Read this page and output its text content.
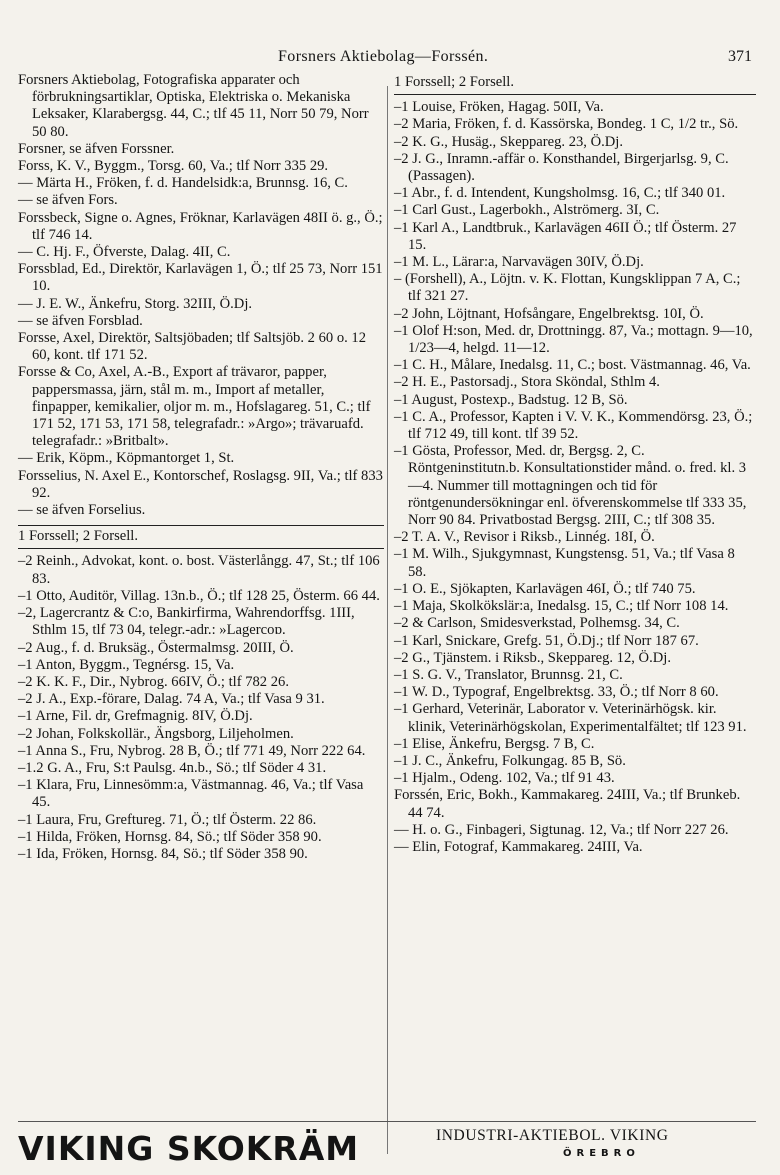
Forsners Aktiebolag—Forssén.	371
Forsners Aktiebolag, Fotografiska apparater och förbrukningsartiklar, Optiska, Elektriska o. Mekaniska Leksaker, Klarabergsg. 44, C.; tlf 45 11, Norr 50 79, Norr 50 80.
Forsner, se äfven Forssner.
Forss, K. V., Byggm., Torsg. 60, Va.; tlf Norr 335 29.
— Märta H., Fröken, f. d. Handelsidk:a, Brunnsg. 16, C.
— se äfven Fors.
Forssbeck, Signe o. Agnes, Fröknar, Karlavägen 48II ö. g., Ö.; tlf 746 14.
— C. Hj. F., Öfverste, Dalag. 4II, C.
Forssblad, Ed., Direktör, Karlavägen 1, Ö.; tlf 25 73, Norr 151 10.
— J. E. W., Änkefru, Storg. 32III, Ö.Dj.
— se äfven Forsblad.
Forsse, Axel, Direktör, Saltsjöbaden; tlf Saltsjöb. 2 60 o. 12 60, kont. tlf 171 52.
Forsse & Co, Axel, A.-B., Export af trävaror, papper, pappersmassa, järn, stål m. m., Import af metaller, finpapper, kemikalier, oljor m. m., Hofslagareg. 51, C.; tlf 171 52, 171 53, 171 58, telegrafadr.: »Argo»; trävaruafd. telegrafadr.: »Britbalt».
— Erik, Köpm., Köpmantorget 1, St.
Forsselius, N. Axel E., Kontorschef, Roslagsg. 9II, Va.; tlf 833 92.
— se äfven Forselius.
1 Forssell; 2 Forsell.
–2 Reinh., Advokat, kont. o. bost. Västerlångg. 47, St.; tlf 106 83.
–1 Otto, Auditör, Villag. 13n.b., Ö.; tlf 128 25, Österm. 66 44.
–2, Lagercrantz & C:o, Bankirfirma, Wahrendorffsg. 1III, Sthlm 15, tlf 73 04, telegr.-adr.: »Lagercoɒ.
–2 Aug., f. d. Bruksäg., Östermalmsg. 20III, Ö.
–1 Anton, Byggm., Tegnérsg. 15, Va.
–2 K. K. F., Dir., Nybrog. 66IV, Ö.; tlf 782 26.
–2 J. A., Exp.-förare, Dalag. 74 A, Va.; tlf Vasa 9 31.
–1 Arne, Fil. dr, Grefmagnig. 8IV, Ö.Dj.
–2 Johan, Folkskollär., Ängsborg, Liljeholmen.
–1 Anna S., Fru, Nybrog. 28 B, Ö.; tlf 771 49, Norr 222 64.
–1.2 G. A., Fru, S:t Paulsg. 4n.b., Sö.; tlf Söder 4 31.
–1 Klara, Fru, Linnesömm:a, Västmannag. 46, Va.; tlf Vasa 45.
–1 Laura, Fru, Greftureg. 71, Ö.; tlf Österm. 22 86.
–1 Hilda, Fröken, Hornsg. 84, Sö.; tlf Söder 358 90.
–1 Ida, Fröken, Hornsg. 84, Sö.; tlf Söder 358 90.
1 Forssell; 2 Forsell.
–1 Louise, Fröken, Hagag. 50II, Va.
–2 Maria, Fröken, f. d. Kassörska, Bondeg. 1 C, 1/2 tr., Sö.
–2 K. G., Husäg., Skeppareg. 23, Ö.Dj.
–2 J. G., Inramn.-affär o. Konsthandel, Birgerjarlsg. 9, C. (Passagen).
–1 Abr., f. d. Intendent, Kungsholmsg. 16, C.; tlf 340 01.
–1 Carl Gust., Lagerbokh., Alströmerg. 3I, C.
–1 Karl A., Landtbruk., Karlavägen 46II Ö.; tlf Österm. 27 15.
–1 M. L., Lärar:a, Narvavägen 30IV, Ö.Dj.
– (Forshell), A., Löjtn. v. K. Flottan, Kungsklippan 7 A, C.; tlf 321 27.
–2 John, Löjtnant, Hofsångare, Engelbrektsg. 10I, Ö.
–1 Olof H:son, Med. dr, Drottningg. 87, Va.; mottagn. 9—10, 1/23—4, helgd. 11—12.
–1 C. H., Målare, Inedalsg. 11, C.; bost. Västmannag. 46, Va.
–2 H. E., Pastorsadj., Stora Sköndal, Sthlm 4.
–1 August, Postexp., Badstug. 12 B, Sö.
–1 C. A., Professor, Kapten i V. V. K., Kommendörsg. 23, Ö.; tlf 712 49, till kont. tlf 39 52.
–1 Gösta, Professor, Med. dr, Bergsg. 2, C. Röntgeninstitutn.b. Konsultationstider månd. o. fred. kl. 3—4. Nummer till mottagningen och tid för röntgenundersökningar enl. öfverenskommelse tlf 333 35, Norr 90 84. Privatbostad Bergsg. 2III, C.; tlf 308 35.
–2 T. A. V., Revisor i Riksb., Linnég. 18I, Ö.
–1 M. Wilh., Sjukgymnast, Kungstensg. 51, Va.; tlf Vasa 8 58.
–1 O. E., Sjökapten, Karlavägen 46I, Ö.; tlf 740 75.
–1 Maja, Skolkökslär:a, Inedalsg. 15, C.; tlf Norr 108 14.
–2 & Carlson, Smidesverkstad, Polhemsg. 34, C.
–1 Karl, Snickare, Grefg. 51, Ö.Dj.; tlf Norr 187 67.
–2 G., Tjänstem. i Riksb., Skeppareg. 12, Ö.Dj.
–1 S. G. V., Translator, Brunnsg. 21, C.
–1 W. D., Typograf, Engelbrektsg. 33, Ö.; tlf Norr 8 60.
–1 Gerhard, Veterinär, Laborator v. Veterinärhögsk. kir. klinik, Veterinärhögskolan, Experimentalfältet; tlf 123 91.
–1 Elise, Änkefru, Bergsg. 7 B, C.
–1 J. C., Änkefru, Folkungag. 85 B, Sö.
–1 Hjalm., Odeng. 102, Va.; tlf 91 43.
Forssén, Eric, Bokh., Kammakareg. 24III, Va.; tlf Brunkeb. 44 74.
— H. o. G., Finbageri, Sigtunag. 12, Va.; tlf Norr 227 26.
— Elin, Fotograf, Kammakareg. 24III, Va.
VIKING SKOKRÄM	INDUSTRI-AKTIEBOL. VIKING
ÖREBRO
